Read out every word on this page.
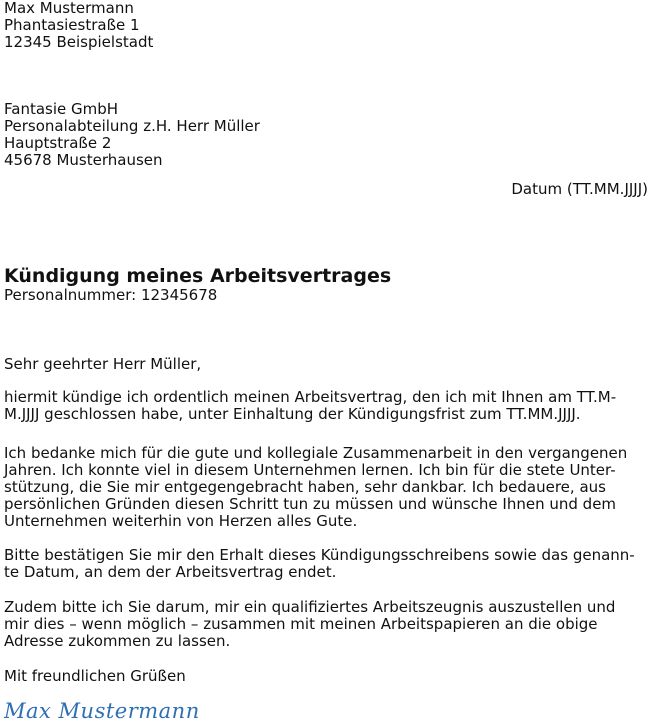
Max Mustermann
Phantasiestraße 1
12345 Beispielstadt
Fantasie GmbH
Personalabteilung z.H. Herr Müller
Hauptstraße 2
45678 Musterhausen
Datum (TT.MM.JJJJ)
Kündigung meines Arbeitsvertrages
Personalnummer: 12345678
Sehr geehrter Herr Müller,
hiermit kündige ich ordentlich meinen Arbeitsvertrag, den ich mit Ihnen am TT.M-
M.JJJJ geschlossen habe, unter Einhaltung der Kündigungsfrist zum TT.MM.JJJJ.
Ich bedanke mich für die gute und kollegiale Zusammenarbeit in den vergangenen
Jahren. Ich konnte viel in diesem Unternehmen lernen. Ich bin für die stete Unter-
stützung, die Sie mir entgegengebracht haben, sehr dankbar. Ich bedauere, aus
persönlichen Gründen diesen Schritt tun zu müssen und wünsche Ihnen und dem
Unternehmen weiterhin von Herzen alles Gute.
Bitte bestätigen Sie mir den Erhalt dieses Kündigungsschreibens sowie das genann-
te Datum, an dem der Arbeitsvertrag endet.
Zudem bitte ich Sie darum, mir ein qualifiziertes Arbeitszeugnis auszustellen und
mir dies – wenn möglich – zusammen mit meinen Arbeitspapieren an die obige
Adresse zukommen zu lassen.
Mit freundlichen Grüßen
Max Mustermann
